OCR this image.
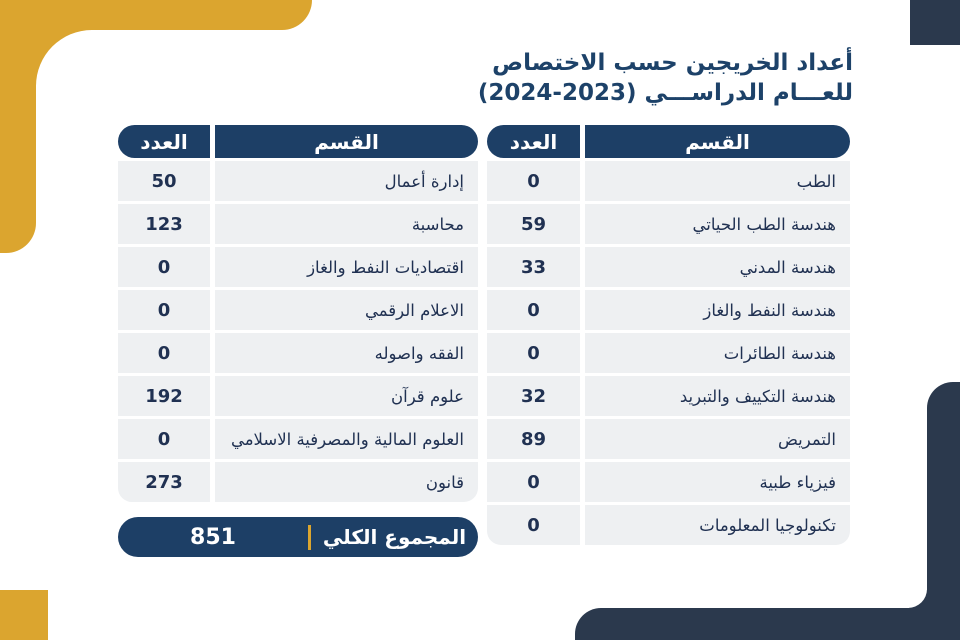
أعداد الخريجين حسب الاختصاص
للعـــام الدراســـي (2024-2023)
العدد	القسم
0	الطب
59	هندسة الطب الحياتي
33	هندسة المدني
0	هندسة النفط والغاز
0	هندسة الطائرات
32	هندسة التكييف والتبريد
89	التمريض
0	فيزياء طبية
0	تكنولوجيا المعلومات
العدد	القسم
50	إدارة أعمال
123	محاسبة
0	اقتصاديات النفط والغاز
0	الاعلام الرقمي
0	الفقه واصوله
192	علوم قرآن
0	العلوم المالية والمصرفية الاسلامي
273	قانون
851	المجموع الكلي
